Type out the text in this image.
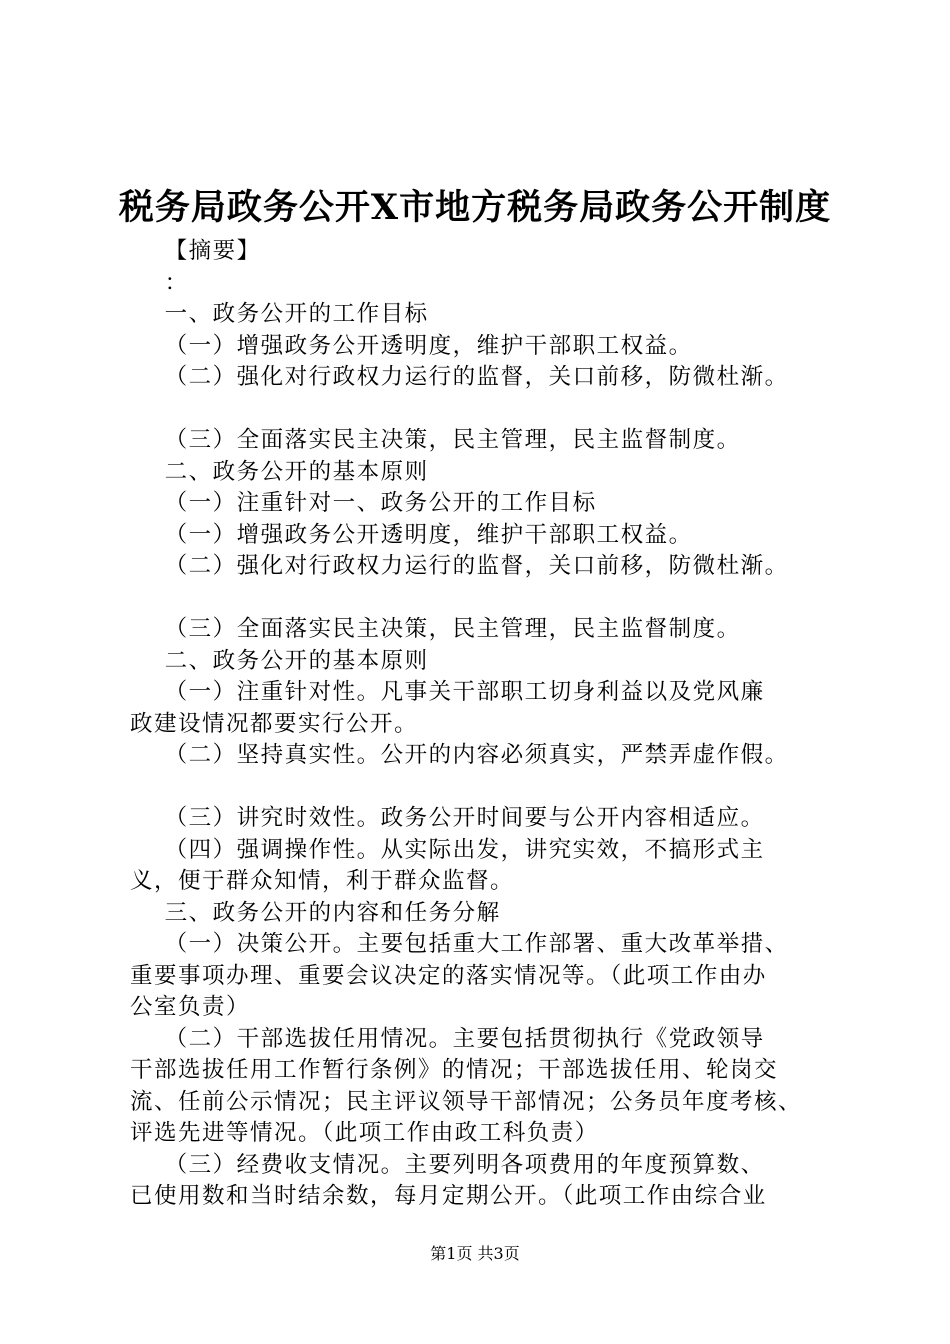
税务局政务公开X市地方税务局政务公开制度
【摘要】
：
一、政务公开的工作目标
（一）增强政务公开透明度，维护干部职工权益。
（二）强化对行政权力运行的监督，关口前移，防微杜渐。
（三）全面落实民主决策，民主管理，民主监督制度。
二、政务公开的基本原则
（一）注重针对一、政务公开的工作目标
（一）增强政务公开透明度，维护干部职工权益。
（二）强化对行政权力运行的监督，关口前移，防微杜渐。
（三）全面落实民主决策，民主管理，民主监督制度。
二、政务公开的基本原则
（一）注重针对性。凡事关干部职工切身利益以及党风廉
政建设情况都要实行公开。
（二）坚持真实性。公开的内容必须真实，严禁弄虚作假。
（三）讲究时效性。政务公开时间要与公开内容相适应。
（四）强调操作性。从实际出发，讲究实效，不搞形式主
义，便于群众知情，利于群众监督。
三、政务公开的内容和任务分解
（一）决策公开。主要包括重大工作部署、重大改革举措、
重要事项办理、重要会议决定的落实情况等。（此项工作由办
公室负责）
（二）干部选拔任用情况。主要包括贯彻执行《党政领导
干部选拔任用工作暂行条例》的情况；干部选拔任用、轮岗交
流、任前公示情况；民主评议领导干部情况；公务员年度考核、
评选先进等情况。（此项工作由政工科负责）
（三）经费收支情况。主要列明各项费用的年度预算数、
已使用数和当时结余数，每月定期公开。（此项工作由综合业
第1页 共3页
